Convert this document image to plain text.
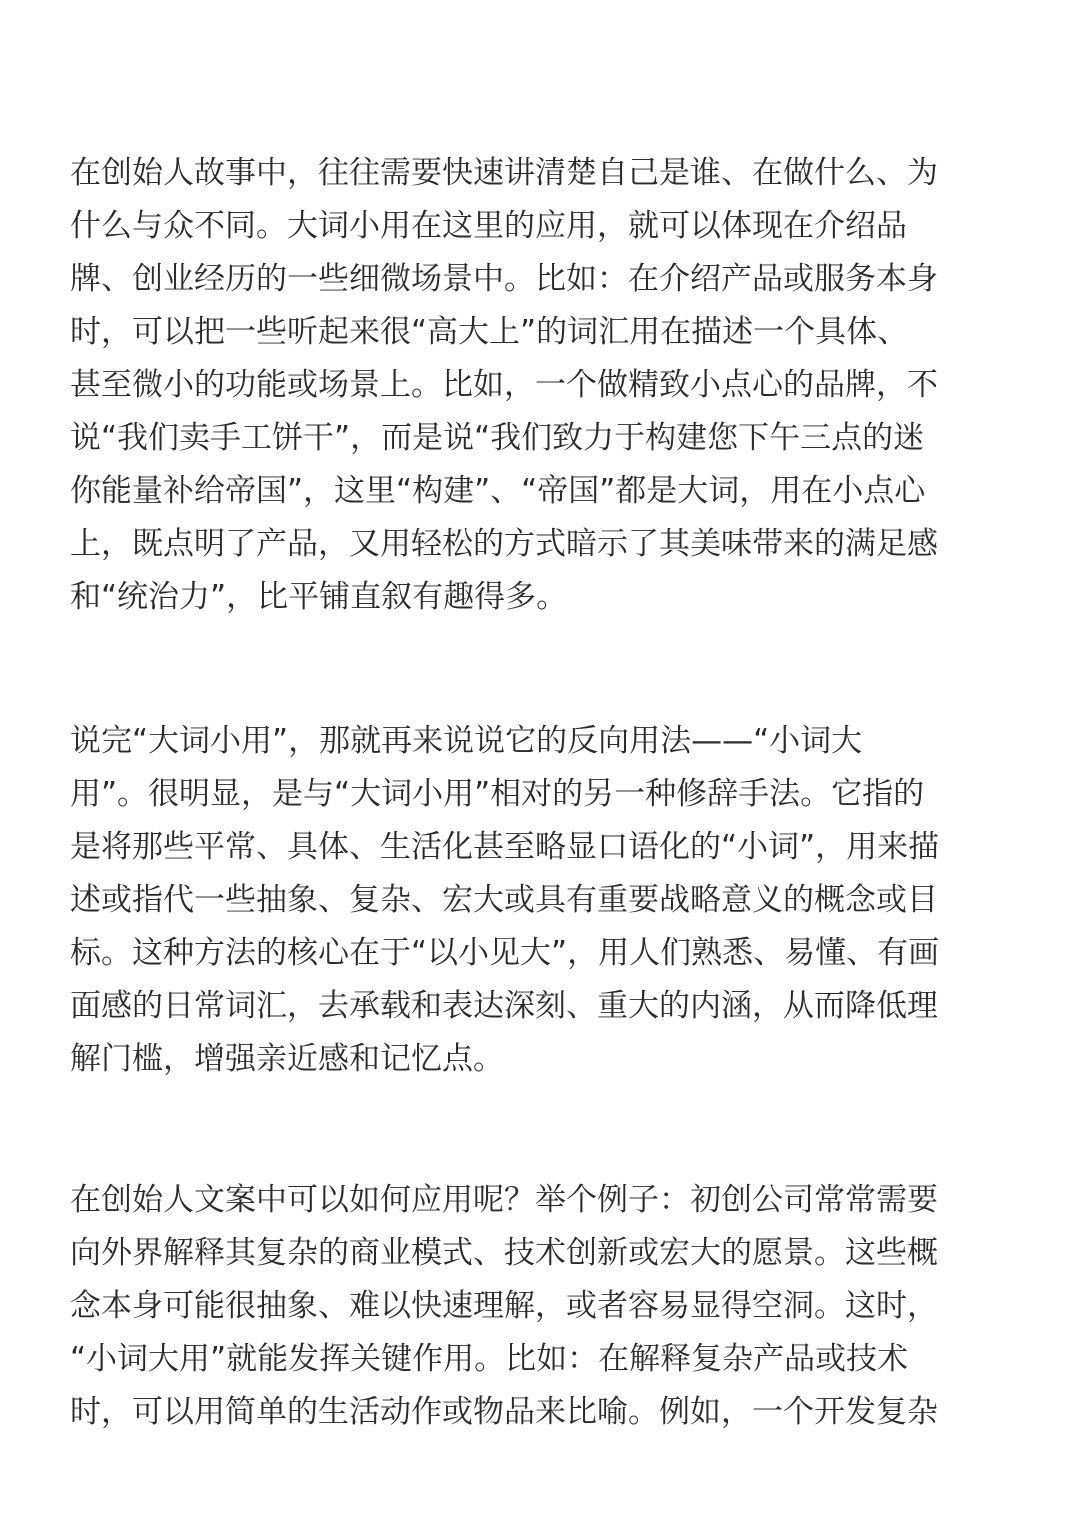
在创始人故事中，往往需要快速讲清楚自己是谁、在做什么、为
什么与众不同。大词小用在这里的应用，就可以体现在介绍品
牌、创业经历的一些细微场景中。比如：在介绍产品或服务本身
时，可以把一些听起来很“高大上”的词汇用在描述一个具体、
甚至微小的功能或场景上。比如，一个做精致小点心的品牌，不
说“我们卖手工饼干”，而是说“我们致力于构建您下午三点的迷
你能量补给帝国”，这里“构建”、“帝国”都是大词，用在小点心
上，既点明了产品，又用轻松的方式暗示了其美味带来的满足感
和“统治力”，比平铺直叙有趣得多。
说完“大词小用”，那就再来说说它的反向用法——“小词大
用”。很明显，是与“大词小用”相对的另一种修辞手法。它指的
是将那些平常、具体、生活化甚至略显口语化的“小词”，用来描
述或指代一些抽象、复杂、宏大或具有重要战略意义的概念或目
标。这种方法的核心在于“以小见大”，用人们熟悉、易懂、有画
面感的日常词汇，去承载和表达深刻、重大的内涵，从而降低理
解门槛，增强亲近感和记忆点。
在创始人文案中可以如何应用呢？举个例子：初创公司常常需要
向外界解释其复杂的商业模式、技术创新或宏大的愿景。这些概
念本身可能很抽象、难以快速理解，或者容易显得空洞。这时，
“小词大用”就能发挥关键作用。比如：在解释复杂产品或技术
时，可以用简单的生活动作或物品来比喻。例如，一个开发复杂
